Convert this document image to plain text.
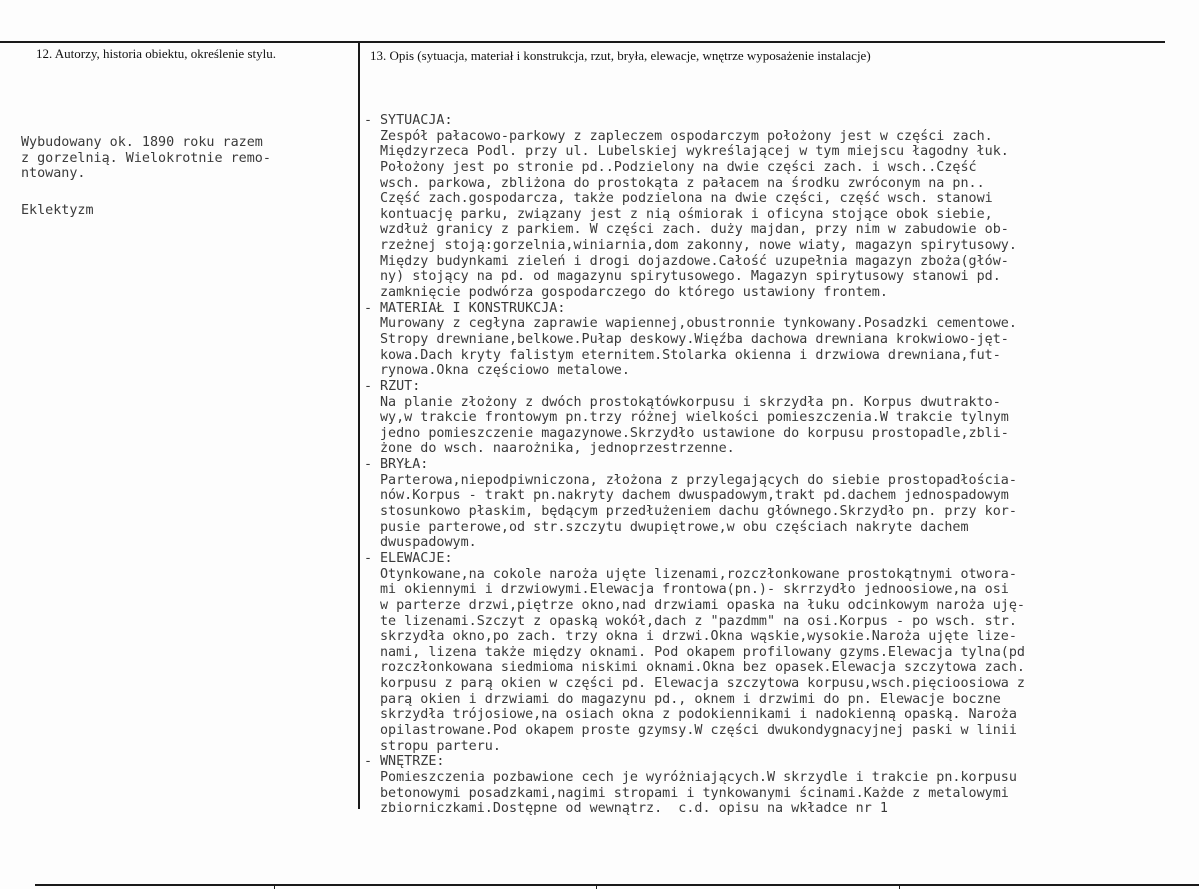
12. Autorzy, historia obiektu, określenie stylu.	13. Opis (sytuacja, materiał i konstrukcja, rzut, bryła, elewacje, wnętrze wyposażenie instalacje)
Wybudowany ok. 1890 roku razem
z gorzelnią. Wielokrotnie remo-
ntowany.
Eklektyzm
- SYTUACJA:
Zespół pałacowo-parkowy z zapleczem ospodarczym położony jest w części zach.
Międzyrzeca Podl. przy ul. Lubelskiej wykreślającej w tym miejscu łagodny łuk.
Położony jest po stronie pd..Podzielony na dwie części zach. i wsch..Część
wsch. parkowa, zbliżona do prostokąta z pałacem na środku zwróconym na pn..
Część zach.gospodarcza, także podzielona na dwie części, część wsch. stanowi
kontuację parku, związany jest z nią ośmiorak i oficyna stojące obok siebie,
wzdłuż granicy z parkiem. W części zach. duży majdan, przy nim w zabudowie ob-
rzeżnej stoją:gorzelnia,winiarnia,dom zakonny, nowe wiaty, magazyn spirytusowy.
Między budynkami zieleń i drogi dojazdowe.Całość uzupełnia magazyn zboża(głów-
ny) stojący na pd. od magazynu spirytusowego. Magazyn spirytusowy stanowi pd.
zamknięcie podwórza gospodarczego do którego ustawiony frontem.
- MATERIAŁ I KONSTRUKCJA:
Murowany z cegłyna zaprawie wapiennej,obustronnie tynkowany.Posadzki cementowe.
Stropy drewniane,belkowe.Pułap deskowy.Więźba dachowa drewniana krokwiowo-jęt-
kowa.Dach kryty falistym eternitem.Stolarka okienna i drzwiowa drewniana,fut-
rynowa.Okna częściowo metalowe.
- RZUT:
Na planie złożony z dwóch prostokątówkorpusu i skrzydła pn. Korpus dwutrakto-
wy,w trakcie frontowym pn.trzy różnej wielkości pomieszczenia.W trakcie tylnym
jedno pomieszczenie magazynowe.Skrzydło ustawione do korpusu prostopadle,zbli-
żone do wsch. naarożnika, jednoprzestrzenne.
- BRYŁA:
Parterowa,niepodpiwniczona, złożona z przylegających do siebie prostopadłościa-
nów.Korpus - trakt pn.nakryty dachem dwuspadowym,trakt pd.dachem jednospadowym
stosunkowo płaskim, będącym przedłużeniem dachu głównego.Skrzydło pn. przy kor-
pusie parterowe,od str.szczytu dwupiętrowe,w obu częściach nakryte dachem
dwuspadowym.
- ELEWACJE:
Otynkowane,na cokole naroża ujęte lizenami,rozczłonkowane prostokątnymi otwora-
mi okiennymi i drzwiowymi.Elewacja frontowa(pn.)- skrrzydło jednoosiowe,na osi
w parterze drzwi,piętrze okno,nad drzwiami opaska na łuku odcinkowym naroża uję-
te lizenami.Szczyt z opaską wokół,dach z "pazdmm" na osi.Korpus - po wsch. str.
skrzydła okno,po zach. trzy okna i drzwi.Okna wąskie,wysokie.Naroża ujęte lize-
nami, lizena także między oknami. Pod okapem profilowany gzyms.Elewacja tylna(pd
rozczłonkowana siedmioma niskimi oknami.Okna bez opasek.Elewacja szczytowa zach.
korpusu z parą okien w części pd. Elewacja szczytowa korpusu,wsch.pięcioosiowa z
parą okien i drzwiami do magazynu pd., oknem i drzwimi do pn. Elewacje boczne
skrzydła trójosiowe,na osiach okna z podokiennikami i nadokienną opaską. Naroża
opilastrowane.Pod okapem proste gzymsy.W części dwukondygnacyjnej paski w linii
stropu parteru.
- WNĘTRZE:
Pomieszczenia pozbawione cech je wyróżniających.W skrzydle i trakcie pn.korpusu
betonowymi posadzkami,nagimi stropami i tynkowanymi ścinami.Każde z metalowymi
zbiorniczkami.Dostępne od wewnątrz.  c.d. opisu na wkładce nr 1
